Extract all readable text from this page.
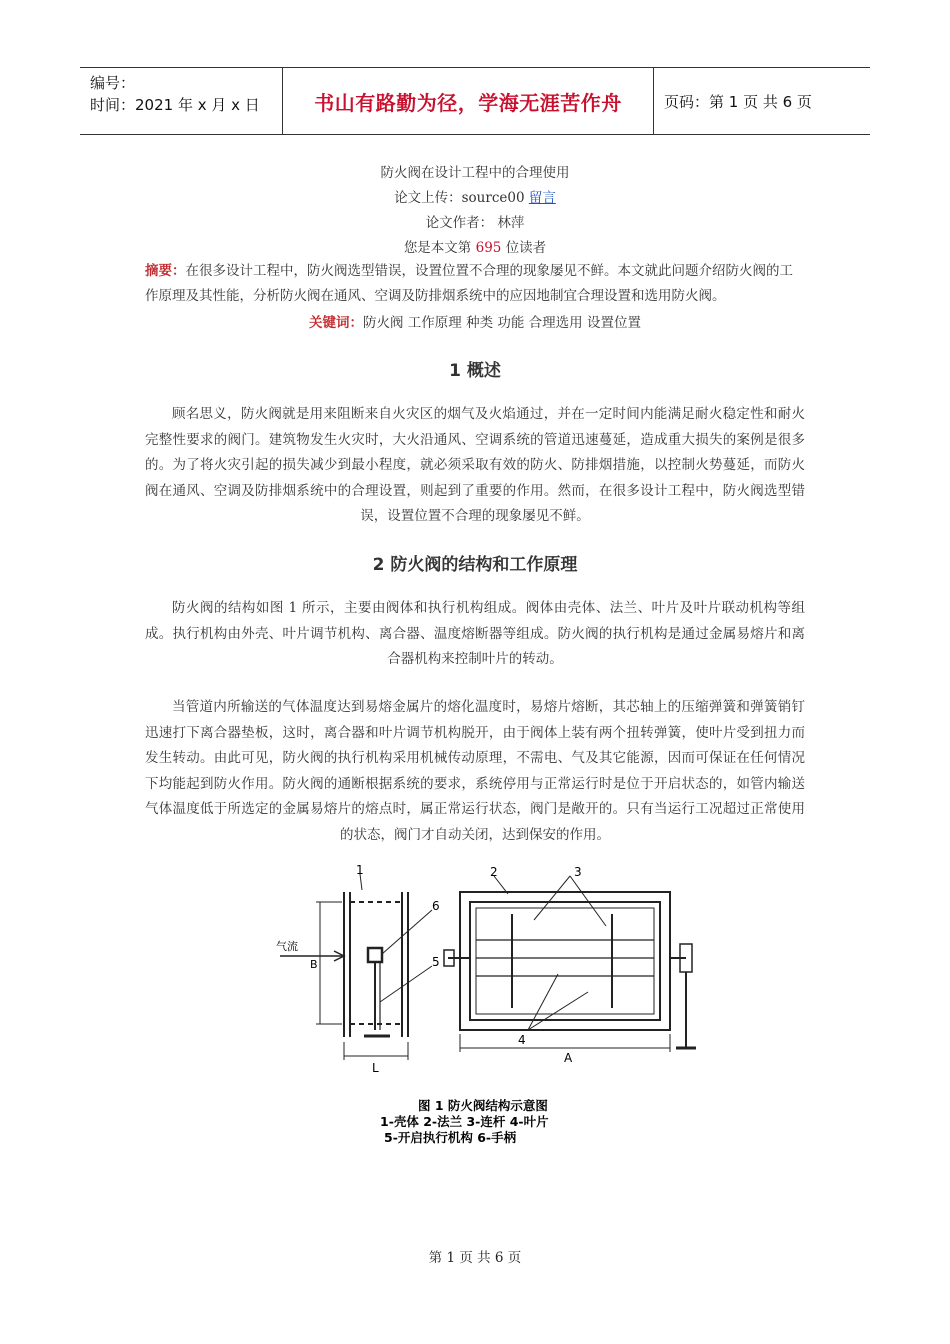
编号：
时间：2021 年 x 月 x 日	书山有路勤为径，学海无涯苦作舟	页码：第 1 页 共 6 页
防火阀在设计工程中的合理使用
论文上传：source00 留言
论文作者： 林萍
您是本文第 695 位读者
摘要：在很多设计工程中，防火阀选型错误，设置位置不合理的现象屡见不鲜。本文就此问题介绍防火阀的工作原理及其性能，分析防火阀在通风、空调及防排烟系统中的应因地制宜合理设置和选用防火阀。
关键词：防火阀 工作原理 种类 功能 合理选用 设置位置
1 概述
顾名思义，防火阀就是用来阻断来自火灾区的烟气及火焰通过，并在一定时间内能满足耐火稳定性和耐火完整性要求的阀门。建筑物发生火灾时，大火沿通风、空调系统的管道迅速蔓延，造成重大损失的案例是很多的。为了将火灾引起的损失减少到最小程度，就必须采取有效的防火、防排烟措施，以控制火势蔓延，而防火阀在通风、空调及防排烟系统中的合理设置，则起到了重要的作用。然而，在很多设计工程中，防火阀选型错误，设置位置不合理的现象屡见不鲜。
2 防火阀的结构和工作原理
防火阀的结构如图 1 所示，主要由阀体和执行机构组成。阀体由壳体、法兰、叶片及叶片联动机构等组成。执行机构由外壳、叶片调节机构、离合器、温度熔断器等组成。防火阀的执行机构是通过金属易熔片和离合器机构来控制叶片的转动。
当管道内所输送的气体温度达到易熔金属片的熔化温度时，易熔片熔断，其芯轴上的压缩弹簧和弹簧销钉迅速打下离合器垫板，这时，离合器和叶片调节机构脱开，由于阀体上装有两个扭转弹簧，使叶片受到扭力而发生转动。由此可见，防火阀的执行机构采用机械传动原理，不需电、气及其它能源，因而可保证在任何情况下均能起到防火作用。防火阀的通断根据系统的要求，系统停用与正常运行时是位于开启状态的，如管内输送气体温度低于所选定的金属易熔片的熔点时，属正常运行状态，阀门是敞开的。只有当运行工况超过正常使用的状态，阀门才自动关闭，达到保安的作用。
1
6
5
气流
B
L
2	3
4
A
图 1 防火阀结构示意图
1-壳体 2-法兰 3-连杆 4-叶片
5-开启执行机构 6-手柄
第 1 页 共 6 页
